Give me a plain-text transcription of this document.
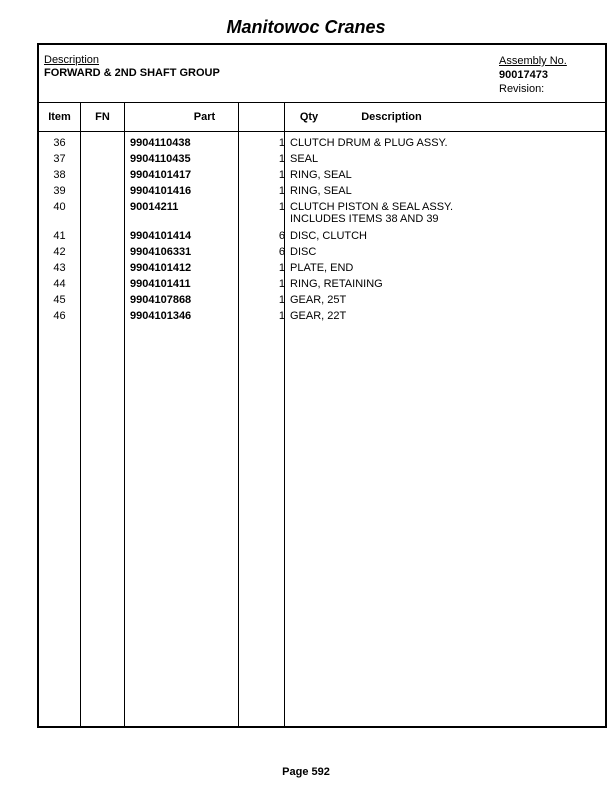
Manitowoc Cranes
Description
FORWARD & 2ND SHAFT GROUP
Assembly No.
90017473
Revision:
Item	FN	Part	Qty	Description
36	9904110438	1 CLUTCH DRUM & PLUG ASSY.
37	9904110435	1 SEAL
38	9904101417	1 RING, SEAL
39	9904101416	1 RING, SEAL
40	90014211	1 CLUTCH PISTON & SEAL ASSY.
INCLUDES ITEMS 38 AND 39
41	9904101414	6 DISC, CLUTCH
42	9904106331	6 DISC
43	9904101412	1 PLATE, END
44	9904101411	1 RING, RETAINING
45	9904107868	1 GEAR, 25T
46	9904101346	1 GEAR, 22T
Page 592
